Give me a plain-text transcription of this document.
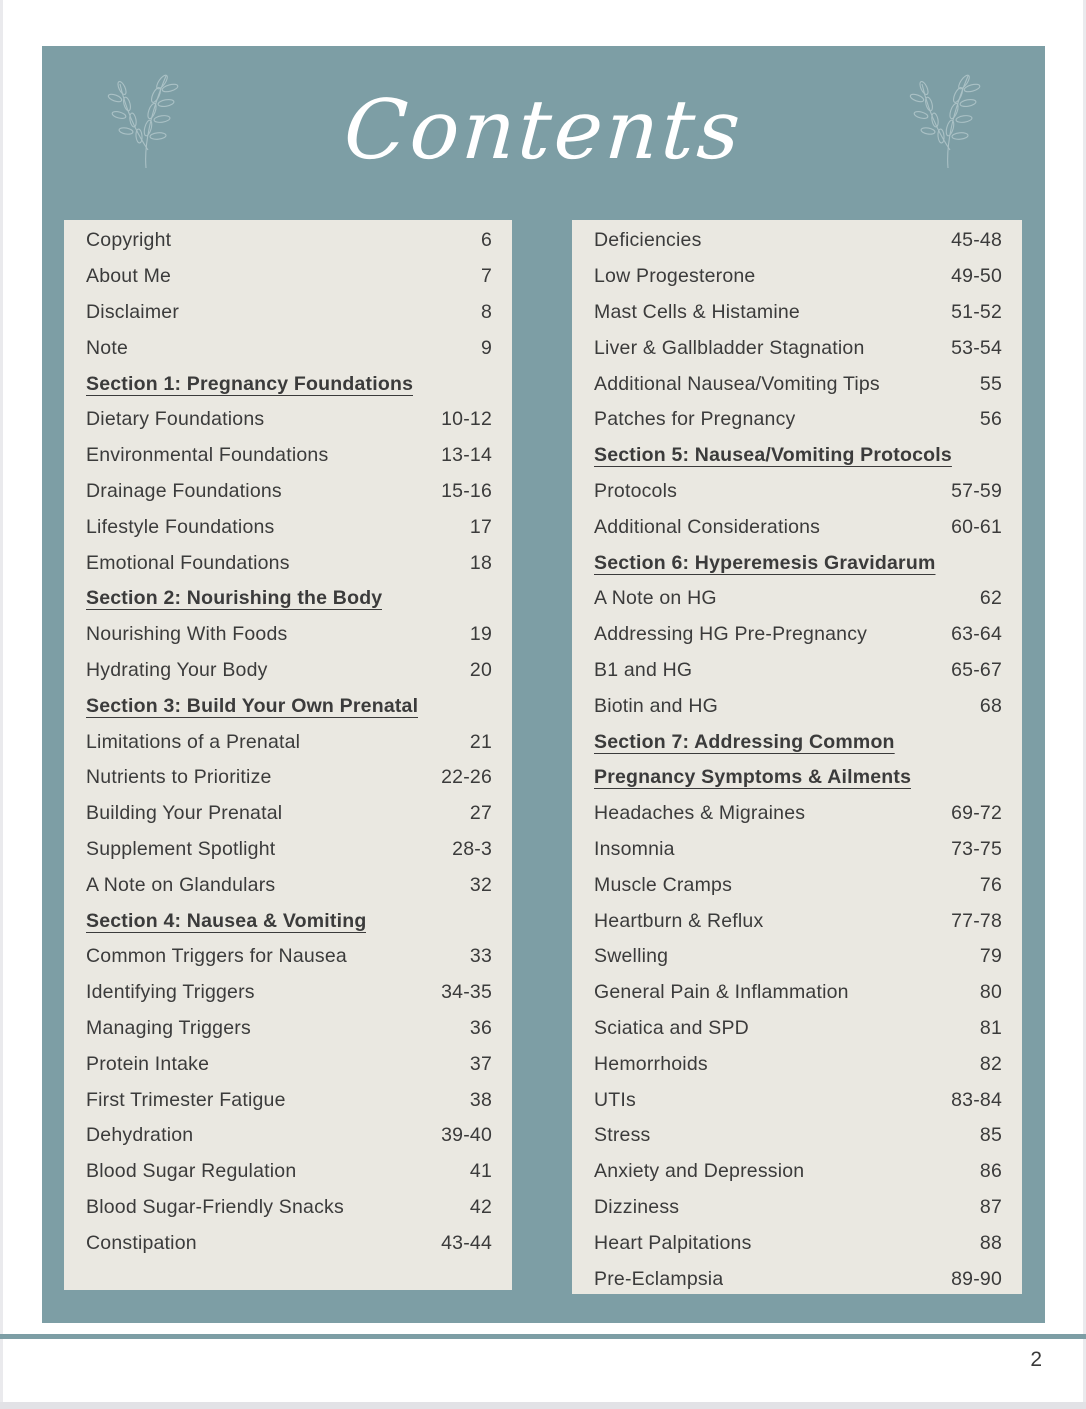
Contents
Copyright	6
About Me	7
Disclaimer	8
Note	9
Section 1: Pregnancy Foundations
Dietary Foundations	10-12
Environmental Foundations	13-14
Drainage Foundations	15-16
Lifestyle Foundations	17
Emotional Foundations	18
Section 2: Nourishing the Body
Nourishing With Foods	19
Hydrating Your Body	20
Section 3: Build Your Own Prenatal
Limitations of a Prenatal	21
Nutrients to Prioritize	22-26
Building Your Prenatal	27
Supplement Spotlight	28-3
A Note on Glandulars	32
Section 4: Nausea & Vomiting
Common Triggers for Nausea	33
Identifying Triggers	34-35
Managing Triggers	36
Protein Intake	37
First Trimester Fatigue	38
Dehydration	39-40
Blood Sugar Regulation	41
Blood Sugar-Friendly Snacks	42
Constipation	43-44
Deficiencies	45-48
Low Progesterone	49-50
Mast Cells & Histamine	51-52
Liver & Gallbladder Stagnation	53-54
Additional Nausea/Vomiting Tips	55
Patches for Pregnancy	56
Section 5: Nausea/Vomiting Protocols
Protocols	57-59
Additional Considerations	60-61
Section 6: Hyperemesis Gravidarum
A Note on HG	62
Addressing HG Pre-Pregnancy	63-64
B1 and HG	65-67
Biotin and HG	68
Section 7: Addressing Common
Pregnancy Symptoms & Ailments
Headaches & Migraines	69-72
Insomnia	73-75
Muscle Cramps	76
Heartburn & Reflux	77-78
Swelling	79
General Pain & Inflammation	80
Sciatica and SPD	81
Hemorrhoids	82
UTIs	83-84
Stress	85
Anxiety and Depression	86
Dizziness	87
Heart Palpitations	88
Pre-Eclampsia	89-90
2
